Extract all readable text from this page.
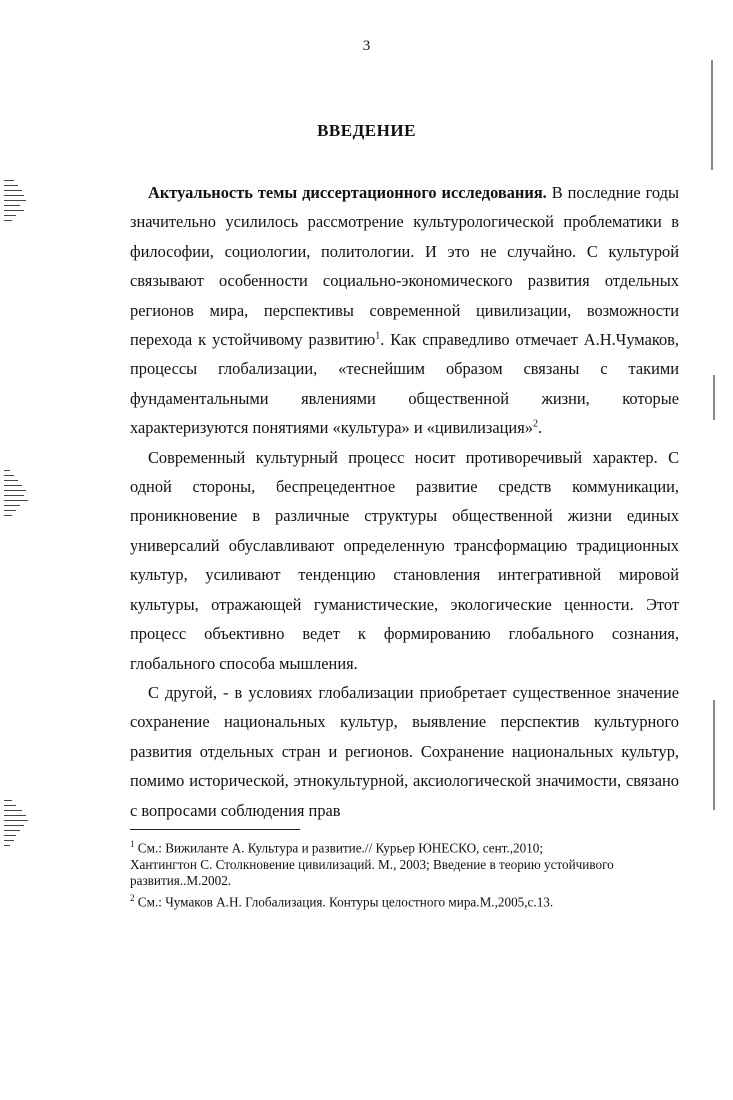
3
ВВЕДЕНИЕ

Актуальность темы диссертационного исследования. В последние годы значительно усилилось рассмотрение культурологической проблематики в философии, социологии, политологии. И это не случайно. С культурой связывают особенности социально-экономического развития отдельных регионов мира, перспективы современной цивилизации, возможности перехода к устойчивому развитию$^1$. Как справедливо отмечает А.Н.Чумаков, процессы глобализации, «теснейшим образом связаны с такими фундаментальными явлениями общественной жизни, которые характеризуются понятиями «культура» и «цивилизация»$^2$.

Современный культурный процесс носит противоречивый характер. С одной стороны, беспрецедентное развитие средств коммуникации, проникновение в различные структуры общественной жизни единых универсалий обуславливают определенную трансформацию традиционных культур, усиливают тенденцию становления интегративной мировой культуры, отражающей гуманистические, экологические ценности. Этот процесс объективно ведет к формированию глобального сознания, глобального способа мышления.

С другой, - в условиях глобализации приобретает существенное значение сохранение национальных культур, выявление перспектив культурного развития отдельных стран и регионов. Сохранение национальных культур, помимо исторической, этнокультурной, аксиологической значимости, связано с вопросами соблюдения прав

$^1$ См.: Вижиланте А. Культура и развитие.// Курьер ЮНЕСКО, сент.,2010;
Хантингтон С. Столкновение цивилизаций. М., 2003; Введение в теорию устойчивого развития..М.2002.
$^2$ См.: Чумаков А.Н. Глобализация. Контуры целостного мира.М.,2005,с.13.
